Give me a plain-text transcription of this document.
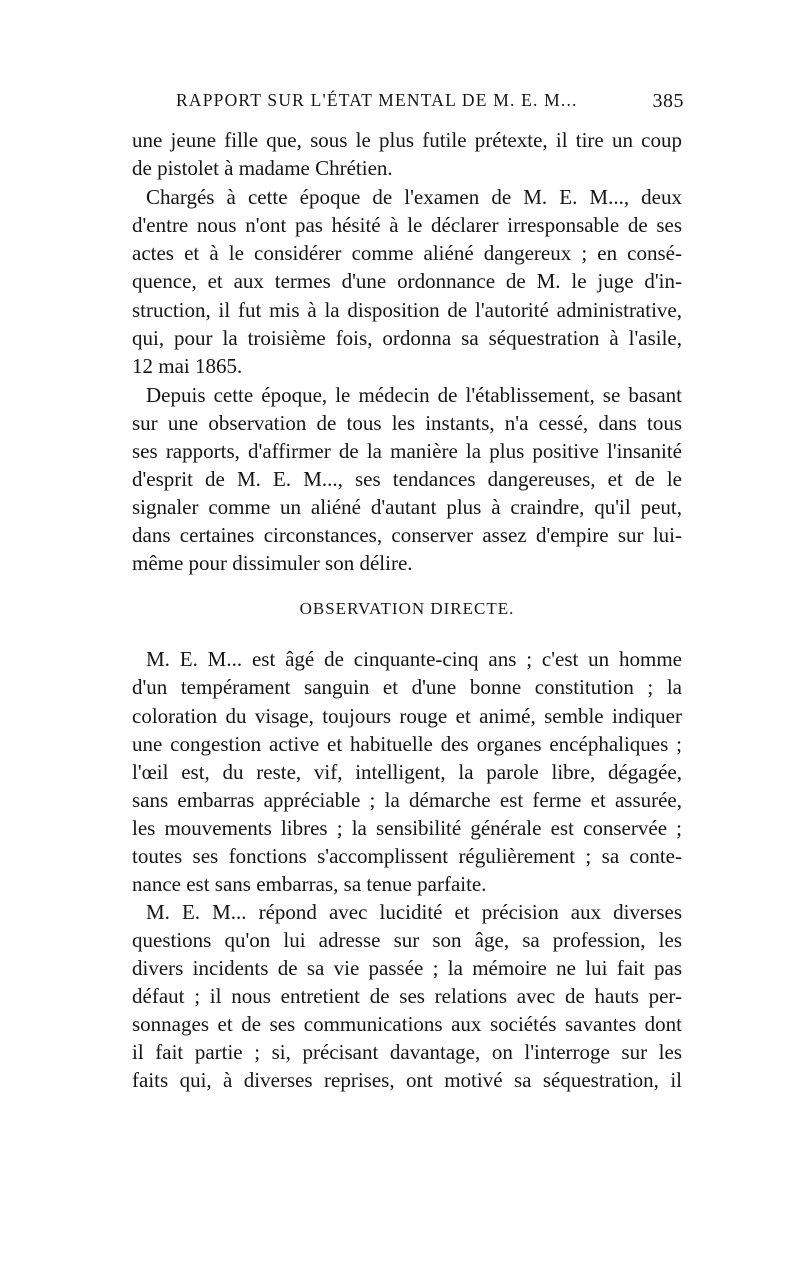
RAPPORT SUR L'ÉTAT MENTAL DE M. E. M...	385
une jeune fille que, sous le plus futile prétexte, il tire un coup
de pistolet à madame Chrétien.
Chargés à cette époque de l'examen de M. E. M..., deux
d'entre nous n'ont pas hésité à le déclarer irresponsable de ses
actes et à le considérer comme aliéné dangereux ; en consé-
quence, et aux termes d'une ordonnance de M. le juge d'in-
struction, il fut mis à la disposition de l'autorité administrative,
qui, pour la troisième fois, ordonna sa séquestration à l'asile,
12 mai 1865.
Depuis cette époque, le médecin de l'établissement, se basant
sur une observation de tous les instants, n'a cessé, dans tous
ses rapports, d'affirmer de la manière la plus positive l'insanité
d'esprit de M. E. M..., ses tendances dangereuses, et de le
signaler comme un aliéné d'autant plus à craindre, qu'il peut,
dans certaines circonstances, conserver assez d'empire sur lui-
même pour dissimuler son délire.
OBSERVATION DIRECTE.
M. E. M... est âgé de cinquante-cinq ans ; c'est un homme
d'un tempérament sanguin et d'une bonne constitution ; la
coloration du visage, toujours rouge et animé, semble indiquer
une congestion active et habituelle des organes encéphaliques ;
l'œil est, du reste, vif, intelligent, la parole libre, dégagée,
sans embarras appréciable ; la démarche est ferme et assurée,
les mouvements libres ; la sensibilité générale est conservée ;
toutes ses fonctions s'accomplissent régulièrement ; sa conte-
nance est sans embarras, sa tenue parfaite.
M. E. M... répond avec lucidité et précision aux diverses
questions qu'on lui adresse sur son âge, sa profession, les
divers incidents de sa vie passée ; la mémoire ne lui fait pas
défaut ; il nous entretient de ses relations avec de hauts per-
sonnages et de ses communications aux sociétés savantes dont
il fait partie ; si, précisant davantage, on l'interroge sur les
faits qui, à diverses reprises, ont motivé sa séquestration, il
